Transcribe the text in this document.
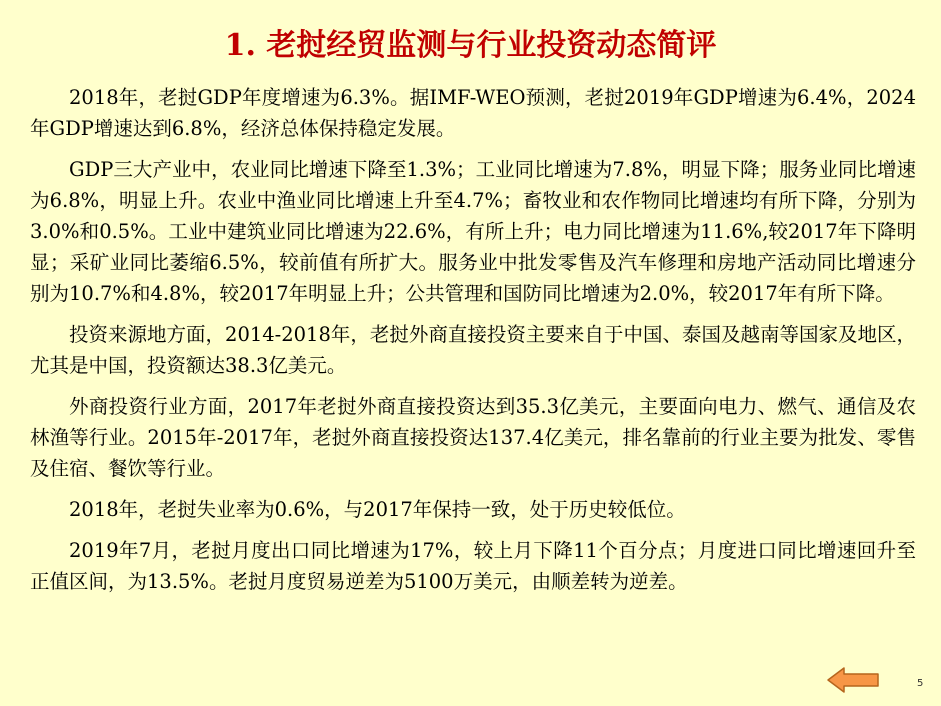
1. 老挝经贸监测与行业投资动态简评

2018年，老挝GDP年度增速为6.3%。据IMF-WEO预测，老挝2019年GDP增速为6.4%，2024年GDP增速达到6.8%，经济总体保持稳定发展。

GDP三大产业中，农业同比增速下降至1.3%；工业同比增速为7.8%，明显下降；服务业同比增速为6.8%，明显上升。农业中渔业同比增速上升至4.7%；畜牧业和农作物同比增速均有所下降，分别为3.0%和0.5%。工业中建筑业同比增速为22.6%，有所上升；电力同比增速为11.6%,较2017年下降明显；采矿业同比萎缩6.5%，较前值有所扩大。服务业中批发零售及汽车修理和房地产活动同比增速分别为10.7%和4.8%，较2017年明显上升；公共管理和国防同比增速为2.0%，较2017年有所下降。

投资来源地方面，2014-2018年，老挝外商直接投资主要来自于中国、泰国及越南等国家及地区，尤其是中国，投资额达38.3亿美元。

外商投资行业方面，2017年老挝外商直接投资达到35.3亿美元，主要面向电力、燃气、通信及农林渔等行业。2015年-2017年，老挝外商直接投资达137.4亿美元，排名靠前的行业主要为批发、零售及住宿、餐饮等行业。

2018年，老挝失业率为0.6%，与2017年保持一致，处于历史较低位。

2019年7月，老挝月度出口同比增速为17%，较上月下降11个百分点；月度进口同比增速回升至正值区间，为13.5%。老挝月度贸易逆差为5100万美元，由顺差转为逆差。

5
